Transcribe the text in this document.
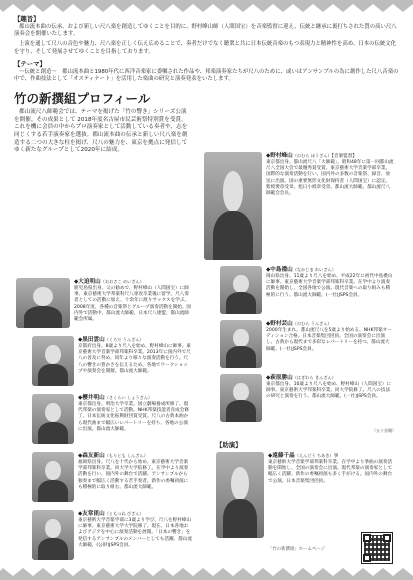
【趣旨】

都山流本曲の伝承、および新しい尺八楽を創造してゆくことを目的に、野村峰山師（人間国宝）を音楽監督に迎え、伝統と継承に裏打ちされた質の高い尺八演奏会を開催いたします。

上演を通して尺八の音色や魅力、尺八楽を正しく伝え広めることで、奏者だけでなく聴衆と共に日本伝統音楽のもつ表現力と精神性を高め、日本の伝統文化を守り、そして発展させてゆくことを目指しております。

【テーマ】

～伝統と創造～　都山流本曲と1980年代に西洋音楽家に委嘱された作品や、邦楽演奏家たちが尺八のために、或いはアンサンブルの為に創作した尺八音楽の中で、作曲技法として「オスティナート」を活用した楽曲の研究と演奏発表をいたします。

竹の新撰組プロフィール
都山流尺八師範会では、テーマを掲げた「竹の響き」シリーズ公演を開催。その成果として 2018年度名古屋市民芸術祭特別賞を受賞。これを機に会員の中からプロ演奏家として活動している奏者や、志を同じくする若手演奏家を選抜。都山流本曲の伝承と新しい尺八楽を創造する二つの大きな柱を掲げ、尺八の魅力を、東京を拠点に発信してゆく新たなグループとして2020年に結成。
◆大迫明山（おおさこ めいざん）
鹿児島県出身。父の勧めで、野村峰山（人間国宝）に師事。東京藝術大学邦楽科尺八専攻卒業後に留学。尺八奏者としての活動に加え、十余年に渡りサックスを学ぶ。2008年度、各種の音楽祭とグループ演奏活動を開始。国内外で活動中。都山流大師範、日本尺八連盟、都山流師範会所属。
◆黒田雲山（くろだ うんざん）
京都府出身。8歳より尺八を始め、野村峰山に師事。東京藝術大学音楽学部邦楽科卒業。2013年に国内外で尺八の普及に努め、同年より様々な演奏活動を行う。尺八の響きの豊かさを伝えるため、各地でワークショップや演奏会を開催。都山流大師範。
◆櫻井明山（さくらい しょうざん）
東京都出身。明治大学卒業。国立劇場養成所修了。現代邦楽の演奏家として活動。NHK邦楽技能者育成会修了。日本伝統文化振興財団賞受賞。尺八の古典本曲から現代曲まで幅広いレパートリーを持ち、各地の公演に出演。都山流大師範。
◆森友新山（もりとも しんざん）
福岡県出身。尺八を十代から始め、東京藝術大学音楽学部邦楽科卒業。同大学大学院修了。在学中より演奏活動を行い、国内外の舞台で活躍。アンサンブルから独奏まで幅広く活動する若手奏者。新作の委嘱初演にも積極的に取り組む。都山流大師範。
◆友常毘山（ともつね びざん）
東京藝術大学音楽学部に3歳より学び、尺八を野村峰山に師事。東京藝術大学大学院修了。現在、日本各地およびアジアを中心に演奏活動を展開。「日本の響き」を発信するアンサンブルのメンバーとしても活躍。都山流大師範、(公財)JSPS会員。
◆野村峰山（のむら ほうざん）【音楽監督】
東京都出身。都山流尺八「大師範」。昭和48年に第一回都山流尺八全国大会で最優秀賞受賞。東京藝術大学音楽学部卒業。国際的な演奏活動を行い、国内外の多数の音楽祭、録音、放送に出演。国の重要無形文化財保持者（人間国宝）に認定。紫綬褒章受章。旭日小綬章受章。都山流大師範。都山流尺八師範会会長。
◆中島禮山（なかじま れいざん）
岡山県出身。11歳より尺八を始め、平成22年に初代中島禮山に師事。東京藝術大学音楽学部邦楽科卒業。在学中より演奏活動を開始し、全国各地で公演。現代音楽への取り組みも積極的に行う。都山流大師範、(一社)JSPS会員。
◆野村芸山（のむら うんざん）
2000年生まれ。都山流尺八を5歳より始める。NHK邦楽オーディション合格。日本音楽集団団員。全国の演奏会に出演し、古典から現代まで多彩なレパートリーを持つ。都山流大師範、(一社)JSPS会員。
◆萩原勝山（はぎわら きんざん）
東京都出身。10歳より尺八を始め、野村峰山（人間国宝）に師事。東京藝術大学邦楽科卒業。同大学院修了。尺八の技法の研究と演奏を行う。都山流大師範、(一社)JSPS会員。
（五十音順）
【助演】
◆遠藤千晶（えんどう ちあき）箏
東京藝術大学音楽学部邦楽科卒業。在学中より箏曲の演奏活動を開始し、全国の演奏会に出演。現代邦楽の演奏家として幅広く活躍。新作の委嘱初演も多く手がける。国内外の舞台で公演。日本音楽集団団員。
「竹の新撰組」ホームページ
